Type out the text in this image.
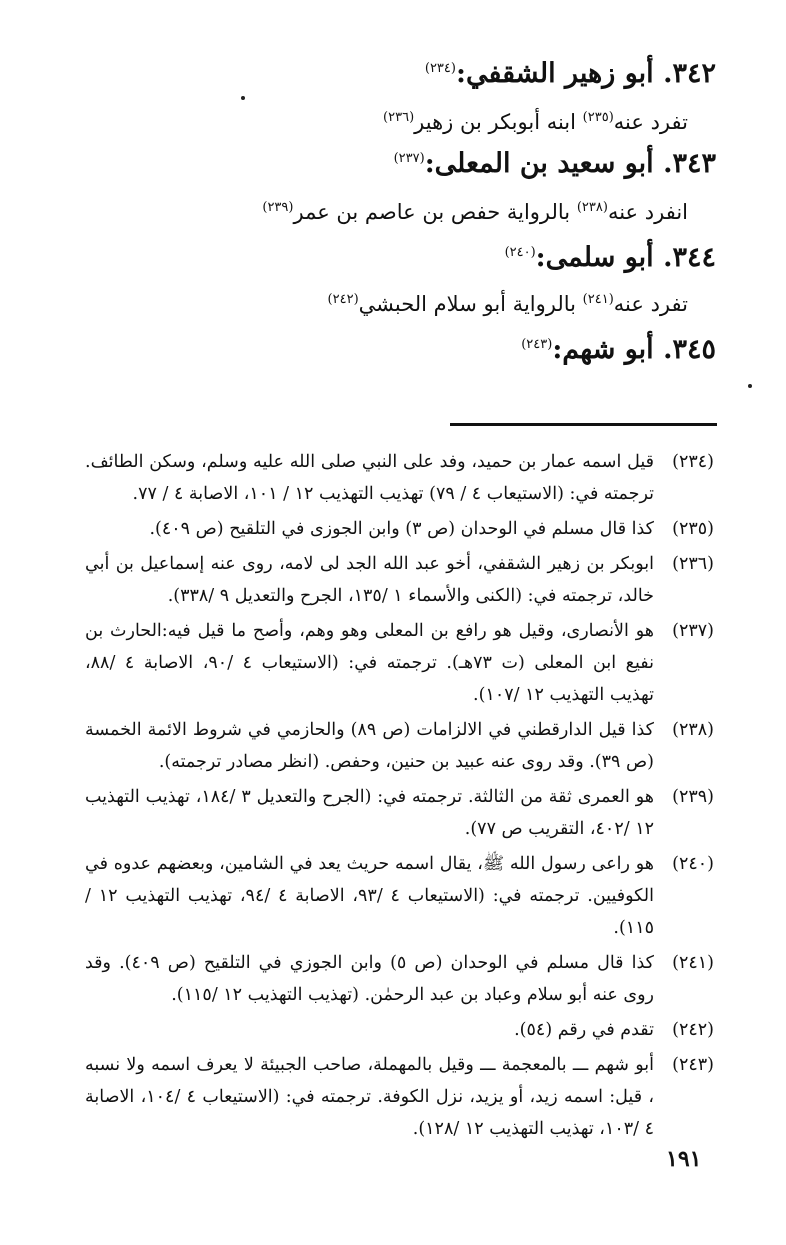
٣٤٢. أبو زهير الشقفي:$^{(٢٣٤)}$
تفرد عنه$^{(٢٣٥)}$ ابنه أبوبكر بن زهير$^{(٢٣٦)}$
٣٤٣. أبو سعيد بن المعلى:$^{(٢٣٧)}$
انفرد عنه$^{(٢٣٨)}$ بالرواية حفص بن عاصم بن عمر$^{(٢٣٩)}$
٣٤٤. أبو سلمى:$^{(٢٤٠)}$
تفرد عنه$^{(٢٤١)}$ بالرواية أبو سلام الحبشي$^{(٢٤٢)}$
٣٤٥. أبو شهم:$^{(٢٤٣)}$
(٢٣٤)
قيل اسمه عمار بن حميد، وفد على النبي صلى الله عليه وسلم، وسكن الطائف. ترجمته في: (الاستيعاب ٤ / ٧٩) تهذيب التهذيب ١٢ / ١٠١، الاصابة ٤ / ٧٧.
(٢٣٥)
كذا قال مسلم في الوحدان (ص ٣) وابن الجوزى في التلقيح (ص ٤٠٩).
(٢٣٦)
ابوبكر بن زهير الشقفي، أخو عبد الله الجد لى لامه، روى عنه إسماعيل بن أبي خالد، ترجمته في: (الكنى والأسماء ١ /١٣٥، الجرح والتعديل ٩ /٣٣٨).
(٢٣٧)
هو الأنصارى، وقيل هو رافع بن المعلى وهو وهم، وأصح ما قيل فيه:الحارث بن نفيع ابن المعلى (ت ٧٣هـ). ترجمته في: (الاستيعاب ٤ /٩٠، الاصابة ٤ /٨٨، تهذيب التهذيب ١٢ /١٠٧).
(٢٣٨)
كذا قيل الدارقطني في الالزامات (ص ٨٩) والحازمي في شروط الائمة الخمسة (ص ٣٩). وقد روى عنه عبيد بن حنين، وحفص. (انظر مصادر ترجمته).
(٢٣٩)
هو العمرى ثقة من الثالثة. ترجمته في: (الجرح والتعديل ٣ /١٨٤، تهذيب التهذيب ١٢ /٤٠٢، التقريب ص ٧٧).
(٢٤٠)
هو راعى رسول الله ﷺ، يقال اسمه حريث يعد في الشامين، وبعضهم عدوه في الكوفيين. ترجمته في: (الاستيعاب ٤ /٩٣، الاصابة ٤ /٩٤، تهذيب التهذيب ١٢ /١١٥).
(٢٤١)
كذا قال مسلم في الوحدان (ص ٥) وابن الجوزي في التلقيح (ص ٤٠٩). وقد روى عنه أبو سلام وعباد بن عبد الرحمٰن. (تهذيب التهذيب ١٢ /١١٥).
(٢٤٢)
تقدم في رقم (٥٤).
(٢٤٣)
أبو شهم ـــ بالمعجمة ـــ وقيل بالمهملة، صاحب الجبيئة لا يعرف اسمه ولا نسبه ، قيل: اسمه زيد، أو يزيد، نزل الكوفة. ترجمته في: (الاستيعاب ٤ /١٠٤، الاصابة ٤ /١٠٣، تهذيب التهذيب ١٢ /١٢٨).
١٩١
